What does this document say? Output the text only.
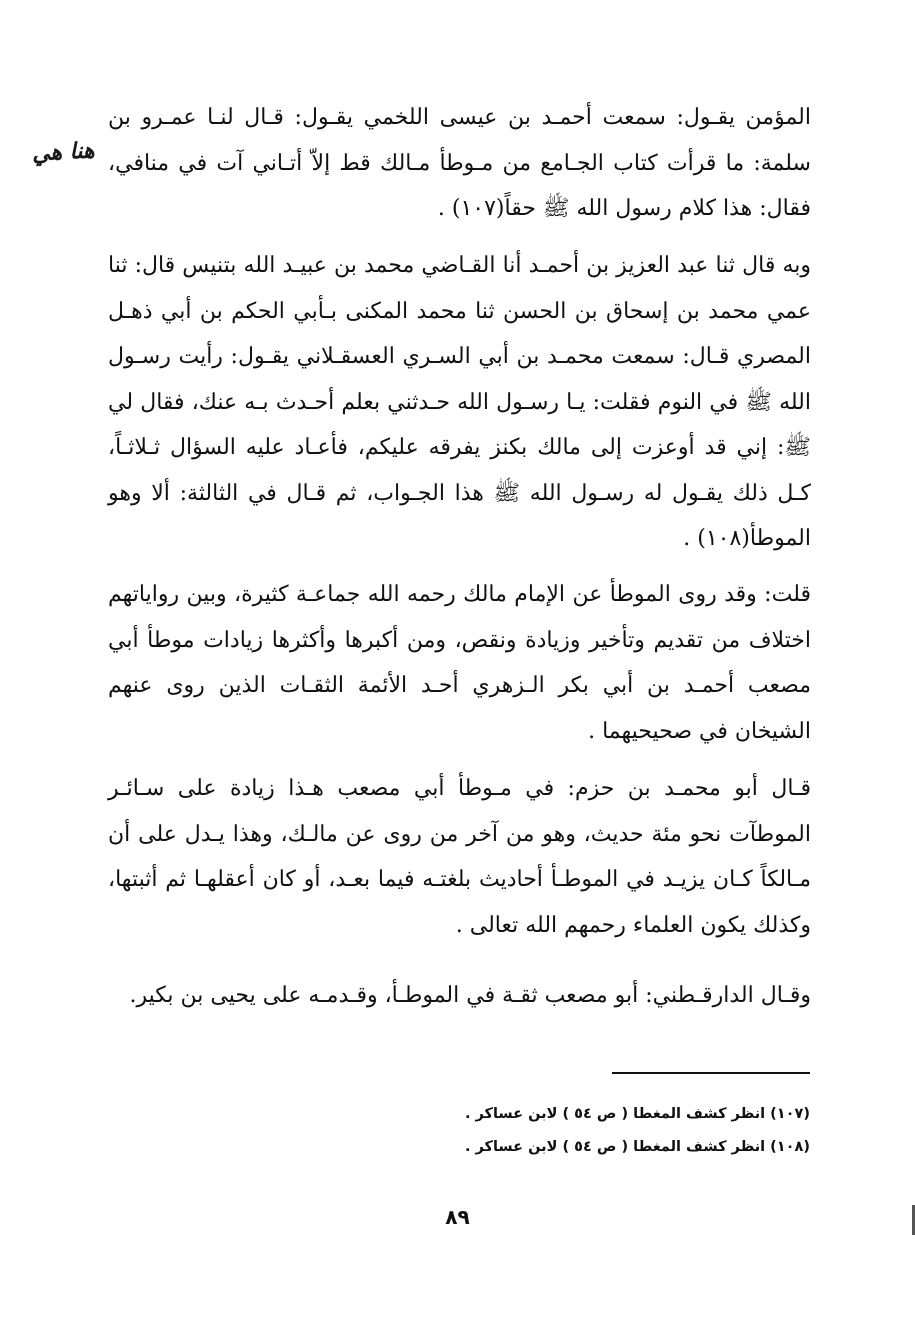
المؤمن يقـول: سمعت أحمـد بن عيسى اللخمي يقـول: قـال لنـا عمـرو بن سلمة: ما قرأت كتاب الجـامع من مـوطأ مـالك قط إلاّ أتـاني آت في منافي، فقال: هذا كلام رسول الله ﷺ حقاً(١٠٧) .

هنا هي

وبه قال ثنا عبد العزيز بن أحمـد أنا القـاضي محمد بن عبيـد الله بتنيس قال: ثنا عمي محمد بن إسحاق بن الحسن ثنا محمد المكنى بـأبي الحكم بن أبي ذهـل المصري قـال: سمعت محمـد بن أبي السـري العسقـلاني يقـول: رأيت رسـول الله ﷺ في النوم فقلت: يـا رسـول الله حـدثني بعلم أحـدث بـه عنك، فقال لي ﷺ: إني قد أوعزت إلى مالك بكنز يفرقه عليكم، فأعـاد عليه السؤال ثـلاثـاً، كـل ذلك يقـول له رسـول الله ﷺ هذا الجـواب، ثم قـال في الثالثة: ألا وهو الموطأ(١٠٨) .

قلت: وقد روى الموطأ عن الإمام مالك رحمه الله جماعـة كثيرة، وبين رواياتهم اختلاف من تقديم وتأخير وزيادة ونقص، ومن أكبرها وأكثرها زيادات موطأ أبي مصعب أحمـد بن أبي بكر الـزهري أحـد الأئمة الثقـات الذين روى عنهم الشيخان في صحيحيهما .

قـال أبو محمـد بن حزم: في مـوطأ أبي مصعب هـذا زيادة على سـائـر الموطآت نحو مئة حديث، وهو من آخر من روى عن مالـك، وهذا يـدل على أن مـالكاً كـان يزيـد في الموطـأ أحاديث بلغتـه فيما بعـد، أو كان أعقلهـا ثم أثبتها، وكذلك يكون العلماء رحمهم الله تعالى .

وقـال الدارقـطني: أبو مصعب ثقـة في الموطـأ، وقـدمـه على يحيى بن بكير.

(١٠٧) انظر كشف المغطا ( ص ٥٤ ) لابن عساكر .

(١٠٨) انظر كشف المغطا ( ص ٥٤ ) لابن عساكر .

٨٩
